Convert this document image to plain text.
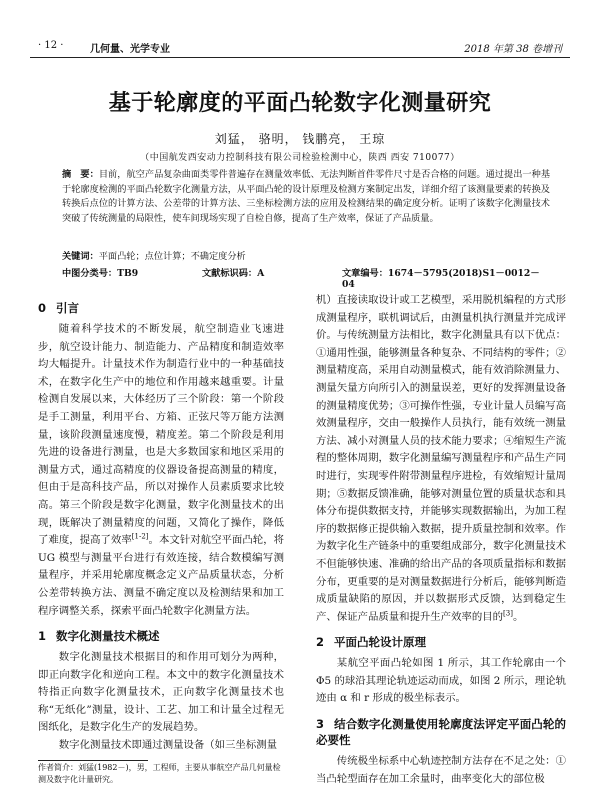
· 12 ·	几何量、光学专业	2018 年第 38 卷增刊
基于轮廓度的平面凸轮数字化测量研究
刘猛， 骆明， 钱鹏亮， 王琼
（中国航发西安动力控制科技有限公司检验检测中心，陕西 西安 710077）
摘　要：目前，航空产品复杂曲面类零件普遍存在测量效率低、无法判断首件零件尺寸是否合格的问题。通过提出一种基于轮廓度检测的平面凸轮数字化测量方法，从平面凸轮的设计原理及检测方案制定出发，详细介绍了该测量要素的转换及转换后点位的计算方法、公差带的计算方法、三坐标检测方法的应用及检测结果的确定度分析。证明了该数字化测量技术突破了传统测量的局限性，使车间现场实现了自检自修，提高了生产效率，保证了产品质量。
关键词：平面凸轮；点位计算；不确定度分析
中图分类号：TB9	文献标识码：A	文章编号：1674－5795(2018)S1－0012－04
0 引言

随着科学技术的不断发展，航空制造业飞速进步，航空设计能力、制造能力、产品精度和制造效率均大幅提升。计量技术作为制造行业中的一种基础技术，在数字化生产中的地位和作用越来越重要。计量检测自发展以来，大体经历了三个阶段：第一个阶段是手工测量，利用平台、方箱、正弦尺等万能方法测量，该阶段测量速度慢，精度差。第二个阶段是利用先进的设备进行测量，也是大多数国家和地区采用的测量方式，通过高精度的仪器设备提高测量的精度，但由于是高科技产品，所以对操作人员素质要求比较高。第三个阶段是数字化测量，数字化测量技术的出现，既解决了测量精度的问题，又简化了操作，降低了难度，提高了效率[1-2]。本文针对航空平面凸轮，将 UG 模型与测量平台进行有效连接，结合数模编写测量程序，并采用轮廓度概念定义产品质量状态，分析公差带转换方法、测量不确定度以及检测结果和加工程序调整关系，探索平面凸轮数字化测量方法。

1 数字化测量技术概述

数字化测量技术根据目的和作用可划分为两种，即正向数字化和逆向工程。本文中的数字化测量技术特指正向数字化测量技术，正向数字化测量技术也称“无纸化”测量，设计、工艺、加工和计量全过程无图纸化，是数字化生产的发展趋势。

数字化测量技术即通过测量设备（如三坐标测量

机）直接读取设计或工艺模型，采用脱机编程的方式形成测量程序，联机调试后，由测量机执行测量并完成评价。与传统测量方法相比，数字化测量具有以下优点：①通用性强，能够测量各种复杂、不同结构的零件；②测量精度高，采用自动测量模式，能有效消除测量力、测量矢量方向所引入的测量误差，更好的发挥测量设备的测量精度优势；③可操作性强，专业计量人员编写高效测量程序，交由一般操作人员执行，能有效统一测量方法、减小对测量人员的技术能力要求；④缩短生产流程的整体周期，数字化测量编写测量程序和产品生产同时进行，实现零件附带测量程序进检，有效缩短计量周期；⑤数据反馈准确，能够对测量位置的质量状态和具体分布提供数据支持，并能够实现数据输出，为加工程序的数据修正提供输入数据，提升质量控制和效率。作为数字化生产链条中的重要组成部分，数字化测量技术不但能够快速、准确的给出产品的各项质量指标和数据分布，更重要的是对测量数据进行分析后，能够判断造成质量缺陷的原因，并以数据形式反馈，达到稳定生产、保证产品质量和提升生产效率的目的[3]。

2 平面凸轮设计原理

某航空平面凸轮如图 1 所示，其工作轮廓由一个 Φ5 的球沿其理论轨迹运动而成，如图 2 所示，理论轨迹由 α 和 r 形成的极坐标表示。

3 结合数字化测量使用轮廓度法评定平面凸轮的必要性

传统极坐标系中心轨迹控制方法存在不足之处：①当凸轮型面存在加工余量时，曲率变化大的部位极

作者简介：刘猛(1982－)，男，工程师，主要从事航空产品几何量检测及数字化计量研究。
